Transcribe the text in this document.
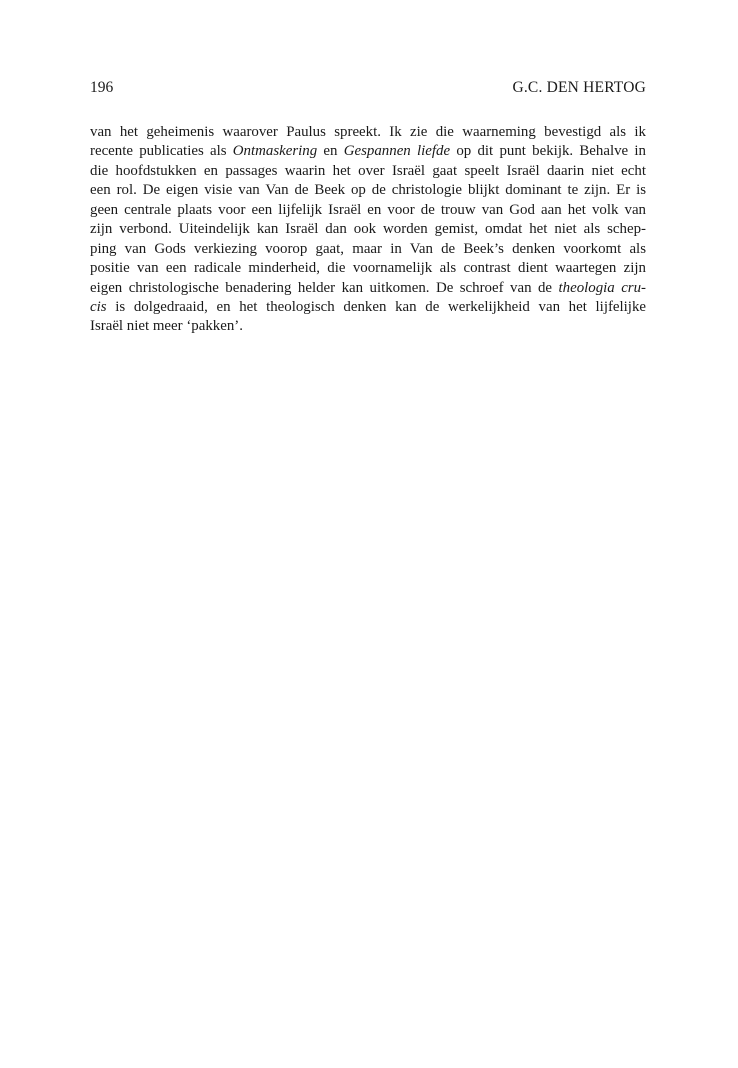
196	G.C. DEN HERTOG
van het geheimenis waarover Paulus spreekt. Ik zie die waarneming bevestigd als ik
recente publicaties als Ontmaskering en Gespannen liefde op dit punt bekijk. Behalve in
die hoofdstukken en passages waarin het over Israël gaat speelt Israël daarin niet echt
een rol. De eigen visie van Van de Beek op de christologie blijkt dominant te zijn. Er is
geen centrale plaats voor een lijfelijk Israël en voor de trouw van God aan het volk van
zijn verbond. Uiteindelijk kan Israël dan ook worden gemist, omdat het niet als schep-
ping van Gods verkiezing voorop gaat, maar in Van de Beek’s denken voorkomt als
positie van een radicale minderheid, die voornamelijk als contrast dient waartegen zijn
eigen christologische benadering helder kan uitkomen. De schroef van de theologia cru-
cis is dolgedraaid, en het theologisch denken kan de werkelijkheid van het lijfelijke
Israël niet meer ‘pakken’.
